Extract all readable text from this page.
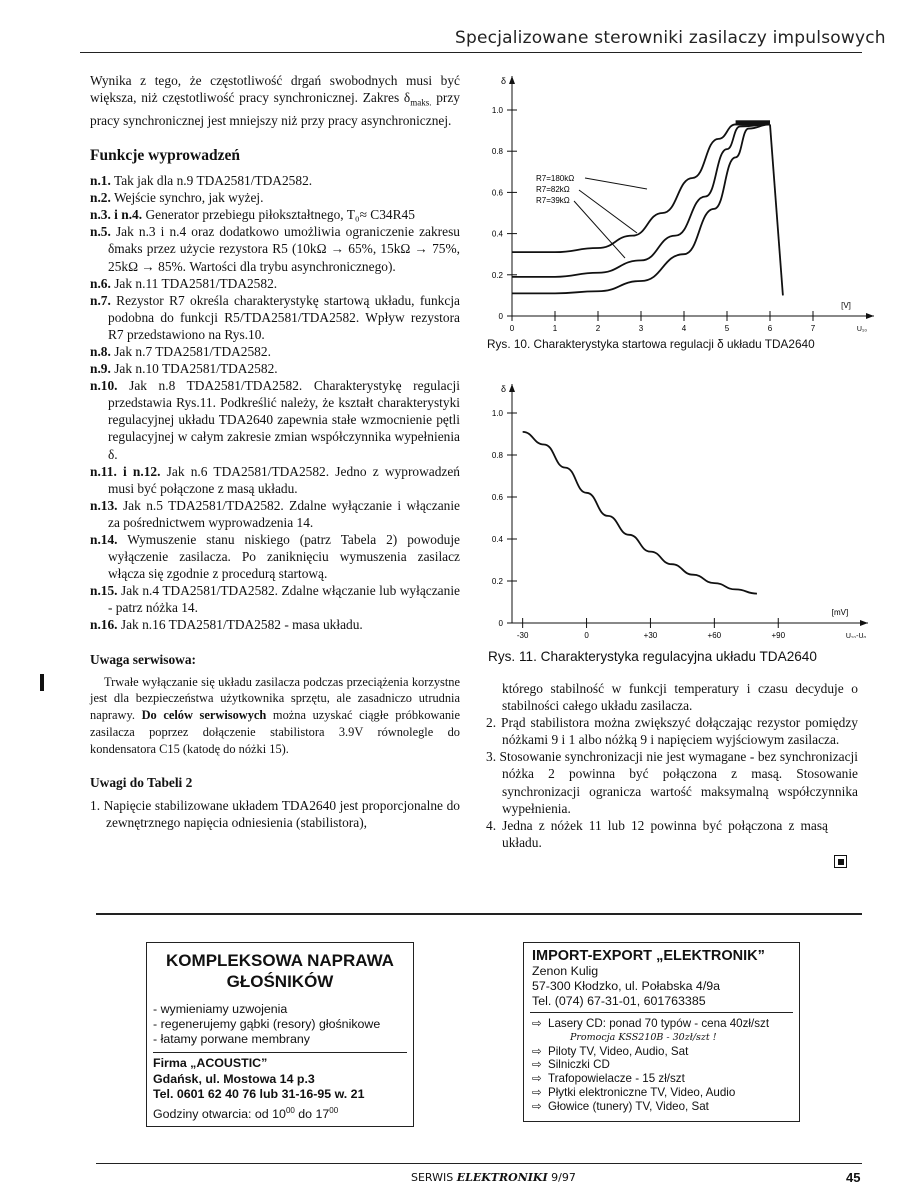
Specjalizowane sterowniki zasilaczy impulsowych

Wynika z tego, że częstotliwość drgań swobodnych musi być większa, niż częstotliwość pracy synchronicznej. Zakres $\delta_{maks.}$ przy pracy synchronicznej jest mniejszy niż przy pracy asynchronicznej.

Funkcje wyprowadzeń
n.1. Tak jak dla n.9 TDA2581/TDA2582.
n.2. Wejście synchro, jak wyżej.
n.3. i n.4. Generator przebiegu piłokształtnego, T₀≈ C34R45
n.5. Jak n.3 i n.4 oraz dodatkowo umożliwia ograniczenie zakresu δmaks przez użycie rezystora R5 (10kΩ → 65%, 15kΩ → 75%, 25kΩ → 85%. Wartości dla trybu asynchronicznego).
n.6. Jak n.11 TDA2581/TDA2582.
n.7. Rezystor R7 określa charakterystykę startową układu, funkcja podobna do funkcji R5/TDA2581/TDA2582. Wpływ rezystora R7 przedstawiono na Rys.10.
n.8. Jak n.7 TDA2581/TDA2582.
n.9. Jak n.10 TDA2581/TDA2582.
n.10. Jak n.8 TDA2581/TDA2582. Charakterystykę regulacji przedstawia Rys.11. Podkreślić należy, że kształt charakterystyki regulacyjnej układu TDA2640 zapewnia stałe wzmocnienie pętli regulacyjnej w całym zakresie zmian współczynnika wypełnienia δ.
n.11. i n.12. Jak n.6 TDA2581/TDA2582. Jedno z wyprowadzeń musi być połączone z masą układu.
n.13. Jak n.5 TDA2581/TDA2582. Zdalne wyłączanie i włączanie za pośrednictwem wyprowadzenia 14.
n.14. Wymuszenie stanu niskiego (patrz Tabela 2) powoduje wyłączenie zasilacza. Po zaniknięciu wymuszenia zasilacz włącza się zgodnie z procedurą startową.
n.15. Jak n.4 TDA2581/TDA2582. Zdalne włączanie lub wyłączanie - patrz nóżka 14.
n.16. Jak n.16 TDA2581/TDA2582 - masa układu.
Uwaga serwisowa:

Trwałe wyłączanie się układu zasilacza podczas przeciążenia korzystne jest dla bezpieczeństwa użytkownika sprzętu, ale zasadniczo utrudnia naprawy. Do celów serwisowych można uzyskać ciągłe próbkowanie zasilacza poprzez dołączenie stabilistora 3.9V równolegle do kondensatora C15 (katodę do nóżki 15).

Uwagi do Tabeli 2

1. Napięcie stabilizowane układem TDA2640 jest proporcjonalne do zewnętrznego napięcia odniesienia (stabilistora),

δ
0
0.2
0.4
0.6
0.8
1.0
0	1	2	3	4	5	6	7
[V]
U₁₀
R7=180kΩ
R7=82kΩ
R7=39kΩ
Rys. 10. Charakterystyka startowa regulacji δ układu TDA2640
δ
0
0.2
0.4
0.6
0.8
1.0
-30	0	+30	+60	+90
[mV]
U₁₀-Uₒ
Rys. 11. Charakterystyka regulacyjna układu TDA2640

którego stabilność w funkcji temperatury i czasu decyduje o stabilności całego układu zasilacza.

2. Prąd stabilistora można zwiększyć dołączając rezystor pomiędzy nóżkami 9 i 1 albo nóżką 9 i napięciem wyjściowym zasilacza.

3. Stosowanie synchronizacji nie jest wymagane - bez synchronizacji nóżka 2 powinna być połączona z masą. Stosowanie synchronizacji ogranicza wartość maksymalną współczynnika wypełnienia.

4. Jedna z nóżek 11 lub 12 powinna być połączona z masą układu.

KOMPLEKSOWA NAPRAWA
GŁOŚNIKÓW
- wymieniamy uzwojenia
- regenerujemy gąbki (resory) głośnikowe
- łatamy porwane membrany
Firma „ACOUSTIC”
Gdańsk, ul. Mostowa 14 p.3
Tel. 0601 62 40 76 lub 31-16-95 w. 21
Godziny otwarcia: od $10^{00}$ do $17^{00}$
IMPORT-EXPORT „ELEKTRONIK”
Zenon Kulig
57-300 Kłodzko, ul. Połabska 4/9a
Tel. (074) 67-31-01, 601763385
⇨ Lasery CD: ponad 70 typów - cena 40zł/szt
Promocja KSS210B - 30zł/szt !
⇨ Piloty TV, Video, Audio, Sat
⇨ Silniczki CD
⇨ Trafopowielacze - 15 zł/szt
⇨ Płytki elektroniczne TV, Video, Audio
⇨ Głowice (tunery) TV, Video, Sat
SERWIS ELEKTRONIKI 9/97	45
